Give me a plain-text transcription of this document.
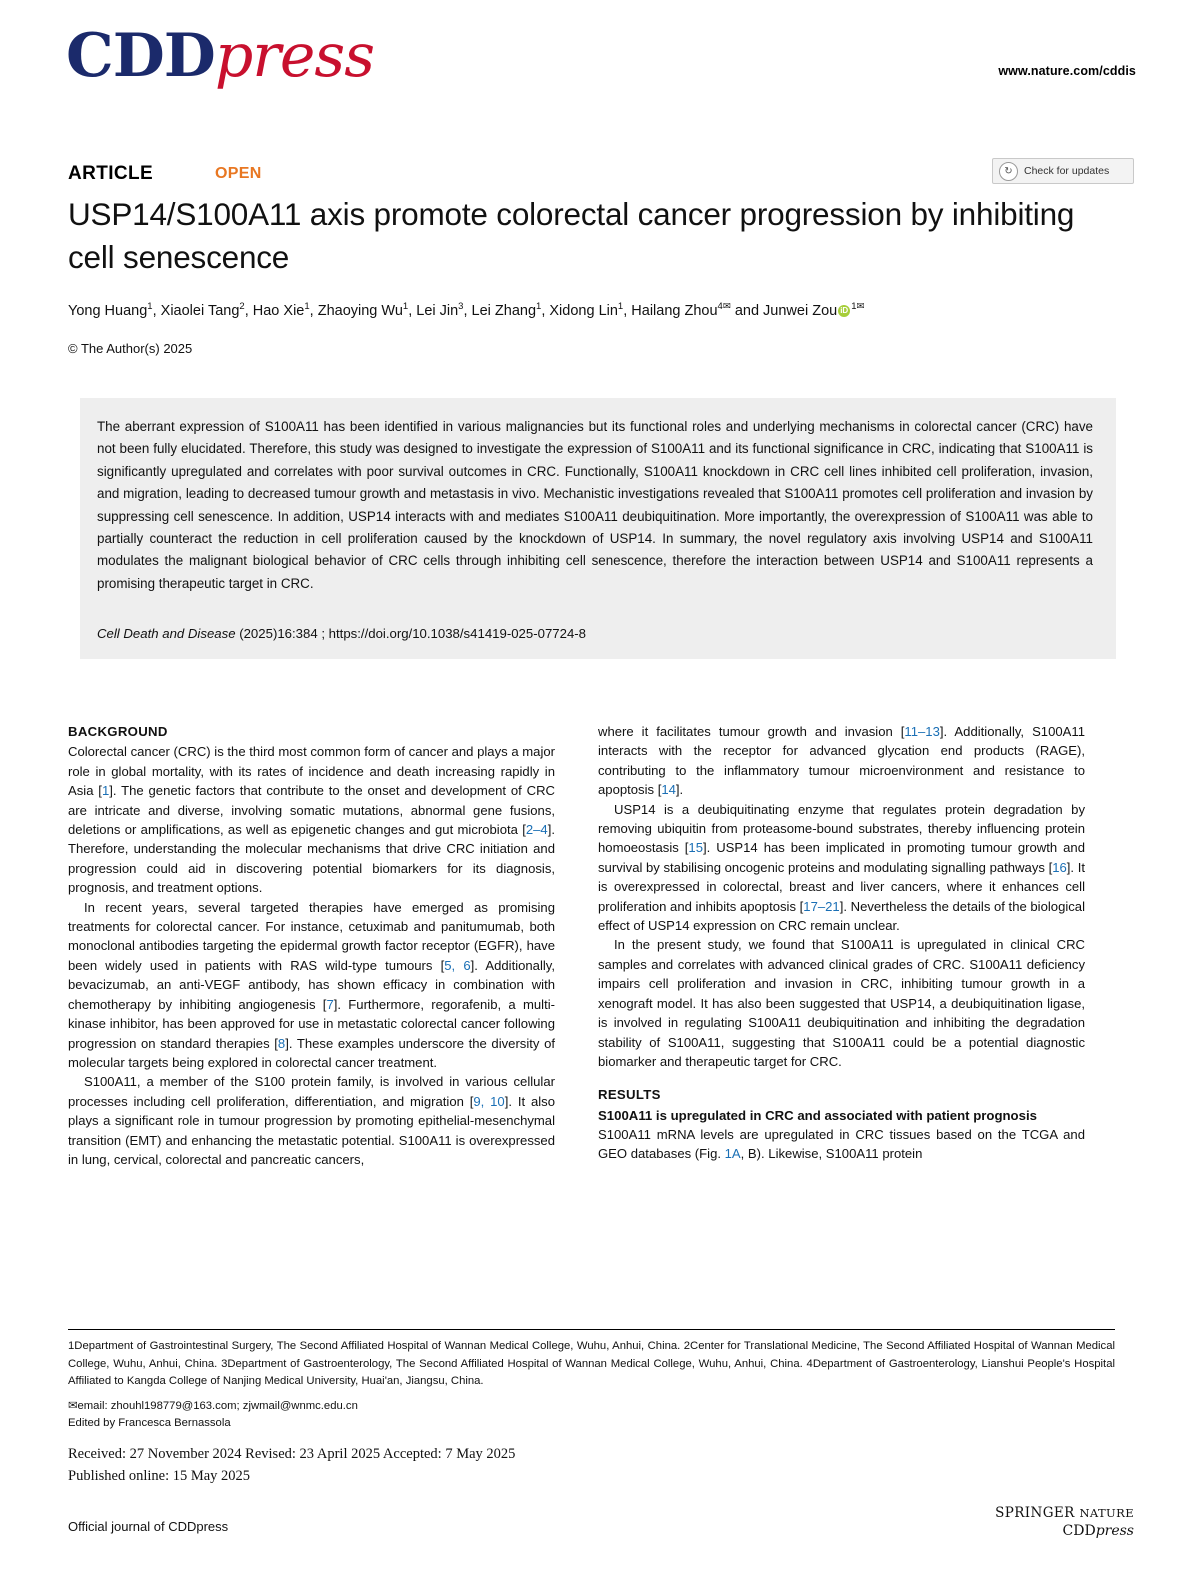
CDDpress	www.nature.com/cddis
ARTICLE	OPEN	↻	Check for updates
USP14/S100A11 axis promote colorectal cancer progression by inhibiting cell senescence
Yong Huang$^1$, Xiaolei Tang$^2$, Hao Xie$^1$, Zhaoying Wu$^1$, Lei Jin$^3$, Lei Zhang$^1$, Xidong Lin$^1$, Hailang Zhou$^{4✉}$ and Junwei Zou iD $^{1✉}$
© The Author(s) 2025
The aberrant expression of S100A11 has been identified in various malignancies but its functional roles and underlying mechanisms in colorectal cancer (CRC) have not been fully elucidated. Therefore, this study was designed to investigate the expression of S100A11 and its functional significance in CRC, indicating that S100A11 is significantly upregulated and correlates with poor survival outcomes in CRC. Functionally, S100A11 knockdown in CRC cell lines inhibited cell proliferation, invasion, and migration, leading to decreased tumour growth and metastasis in vivo. Mechanistic investigations revealed that S100A11 promotes cell proliferation and invasion by suppressing cell senescence. In addition, USP14 interacts with and mediates S100A11 deubiquitination. More importantly, the overexpression of S100A11 was able to partially counteract the reduction in cell proliferation caused by the knockdown of USP14. In summary, the novel regulatory axis involving USP14 and S100A11 modulates the malignant biological behavior of CRC cells through inhibiting cell senescence, therefore the interaction between USP14 and S100A11 represents a promising therapeutic target in CRC.
Cell Death and Disease (2025)16:384 ; https://doi.org/10.1038/s41419-025-07724-8
BACKGROUND

Colorectal cancer (CRC) is the third most common form of cancer and plays a major role in global mortality, with its rates of incidence and death increasing rapidly in Asia [1]. The genetic factors that contribute to the onset and development of CRC are intricate and diverse, involving somatic mutations, abnormal gene fusions, deletions or amplifications, as well as epigenetic changes and gut microbiota [2–4]. Therefore, understanding the molecular mechanisms that drive CRC initiation and progression could aid in discovering potential biomarkers for its diagnosis, prognosis, and treatment options.

In recent years, several targeted therapies have emerged as promising treatments for colorectal cancer. For instance, cetuximab and panitumumab, both monoclonal antibodies targeting the epidermal growth factor receptor (EGFR), have been widely used in patients with RAS wild-type tumours [5, 6]. Additionally, bevacizumab, an anti-VEGF antibody, has shown efficacy in combination with chemotherapy by inhibiting angiogenesis [7]. Furthermore, regorafenib, a multi-kinase inhibitor, has been approved for use in metastatic colorectal cancer following progression on standard therapies [8]. These examples underscore the diversity of molecular targets being explored in colorectal cancer treatment.

S100A11, a member of the S100 protein family, is involved in various cellular processes including cell proliferation, differentiation, and migration [9, 10]. It also plays a significant role in tumour progression by promoting epithelial-mesenchymal transition (EMT) and enhancing the metastatic potential. S100A11 is overexpressed in lung, cervical, colorectal and pancreatic cancers,

where it facilitates tumour growth and invasion [11–13]. Additionally, S100A11 interacts with the receptor for advanced glycation end products (RAGE), contributing to the inflammatory tumour microenvironment and resistance to apoptosis [14].

USP14 is a deubiquitinating enzyme that regulates protein degradation by removing ubiquitin from proteasome-bound substrates, thereby influencing protein homoeostasis [15]. USP14 has been implicated in promoting tumour growth and survival by stabilising oncogenic proteins and modulating signalling pathways [16]. It is overexpressed in colorectal, breast and liver cancers, where it enhances cell proliferation and inhibits apoptosis [17–21]. Nevertheless the details of the biological effect of USP14 expression on CRC remain unclear.

In the present study, we found that S100A11 is upregulated in clinical CRC samples and correlates with advanced clinical grades of CRC. S100A11 deficiency impairs cell proliferation and invasion in CRC, inhibiting tumour growth in a xenograft model. It has also been suggested that USP14, a deubiquitination ligase, is involved in regulating S100A11 deubiquitination and inhibiting the degradation stability of S100A11, suggesting that S100A11 could be a potential diagnostic biomarker and therapeutic target for CRC.

RESULTS
S100A11 is upregulated in CRC and associated with patient prognosis

S100A11 mRNA levels are upregulated in CRC tissues based on the TCGA and GEO databases (Fig. 1A, B). Likewise, S100A11 protein

1Department of Gastrointestinal Surgery, The Second Affiliated Hospital of Wannan Medical College, Wuhu, Anhui, China. 2Center for Translational Medicine, The Second Affiliated Hospital of Wannan Medical College, Wuhu, Anhui, China. 3Department of Gastroenterology, The Second Affiliated Hospital of Wannan Medical College, Wuhu, Anhui, China. 4Department of Gastroenterology, Lianshui People's Hospital Affiliated to Kangda College of Nanjing Medical University, Huai'an, Jiangsu, China.
✉email: zhouhl198779@163.com; zjwmail@wnmc.edu.cn
Edited by Francesca Bernassola
Received: 27 November 2024 Revised: 23 April 2025 Accepted: 7 May 2025
Published online: 15 May 2025
Official journal of CDDpress
SPRINGER NATURE
CDDpress
